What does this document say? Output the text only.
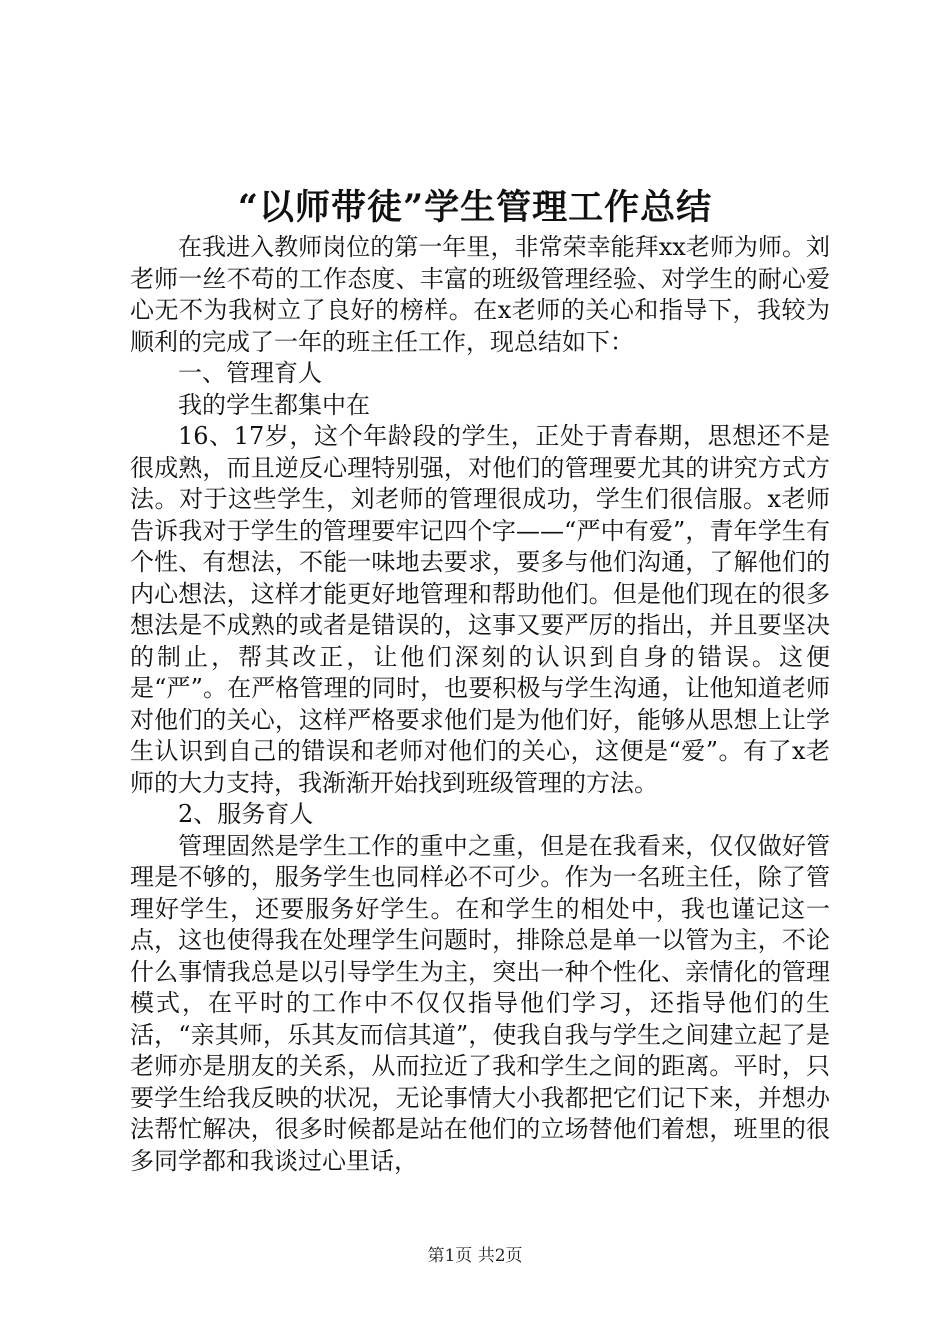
“以师带徒”学生管理工作总结

在我进入教师岗位的第一年里，非常荣幸能拜xx老师为师。刘老师一丝不苟的工作态度、丰富的班级管理经验、对学生的耐心爱心无不为我树立了良好的榜样。在x老师的关心和指导下，我较为顺利的完成了一年的班主任工作，现总结如下：

一、管理育人

我的学生都集中在

16、17岁，这个年龄段的学生，正处于青春期，思想还不是很成熟，而且逆反心理特别强，对他们的管理要尤其的讲究方式方法。对于这些学生，刘老师的管理很成功，学生们很信服。x老师告诉我对于学生的管理要牢记四个字——“严中有爱”，青年学生有个性、有想法，不能一味地去要求，要多与他们沟通，了解他们的内心想法，这样才能更好地管理和帮助他们。但是他们现在的很多想法是不成熟的或者是错误的，这事又要严厉的指出，并且要坚决的制止，帮其改正，让他们深刻的认识到自身的错误。这便是“严”。在严格管理的同时，也要积极与学生沟通，让他知道老师对他们的关心，这样严格要求他们是为他们好，能够从思想上让学生认识到自己的错误和老师对他们的关心，这便是“爱”。有了x老师的大力支持，我渐渐开始找到班级管理的方法。

2、服务育人

管理固然是学生工作的重中之重，但是在我看来，仅仅做好管理是不够的，服务学生也同样必不可少。作为一名班主任，除了管理好学生，还要服务好学生。在和学生的相处中，我也谨记这一点，这也使得我在处理学生问题时，排除总是单一以管为主，不论什么事情我总是以引导学生为主，突出一种个性化、亲情化的管理模式，在平时的工作中不仅仅指导他们学习，还指导他们的生活，“亲其师，乐其友而信其道”，使我自我与学生之间建立起了是老师亦是朋友的关系，从而拉近了我和学生之间的距离。平时，只要学生给我反映的状况，无论事情大小我都把它们记下来，并想办法帮忙解决，很多时候都是站在他们的立场替他们着想，班里的很多同学都和我谈过心里话，

第1页 共2页
